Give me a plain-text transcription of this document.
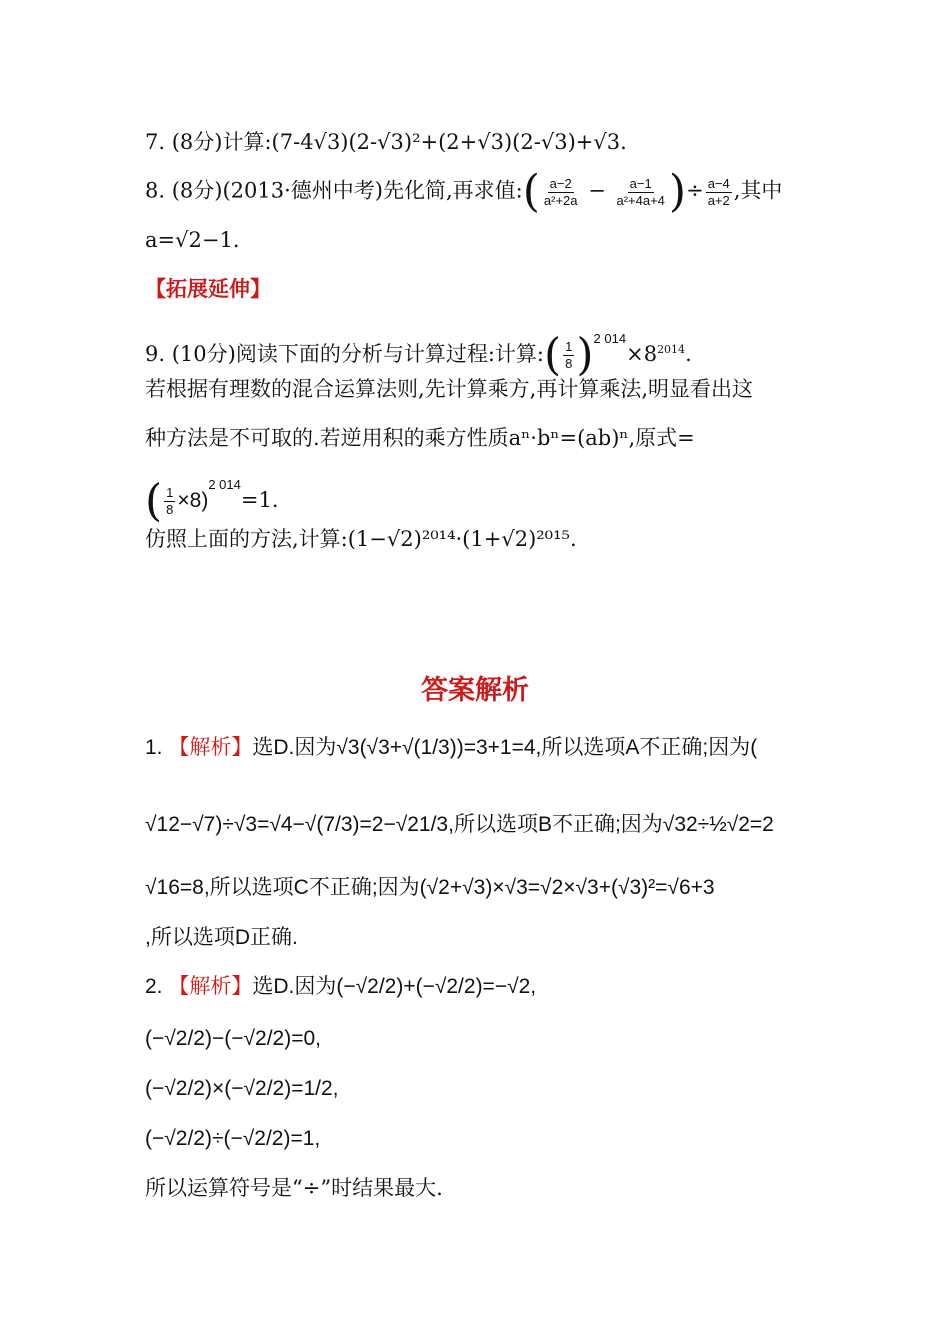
7. (8分)计算:(7-4√3)(2-√3)²+(2+√3)(2-√3)+√3.
8. (8分)(2013·德州中考)先化简,再求值:( $\frac{a-2}{\text{a²+2a}} - \frac{a-1}{\text{a²+4a+4}}$ )÷ $\frac{a-4}{a+2}$ ,其中
a=√2−1.
【拓展延伸】
9. (10分)阅读下面的分析与计算过程:计算:( $\frac{1}{8} )^{2 014}\times 8^{2014}$.
若根据有理数的混合运算法则,先计算乘方,再计算乘法,明显看出这
种方法是不可取的.若逆用积的乘方性质aⁿ·bⁿ=(ab)ⁿ,原式=
( $\frac{1}{8} \times 8)^{2 014}=1$.
仿照上面的方法,计算:(1−√2)²⁰¹⁴·(1+√2)²⁰¹⁵.
答案解析
1. 【解析】选D.因为√3(√3+√(1/3))=3+1=4,所以选项A不正确;因为(
√12−√7)÷√3=√4−√(7/3)=2−√21/3,所以选项B不正确;因为√32÷½√2=2
√16=8,所以选项C不正确;因为(√2+√3)×√3=√2×√3+(√3)²=√6+3
,所以选项D正确.
2. 【解析】选D.因为(−√2/2)+(−√2/2)=−√2,
(−√2/2)−(−√2/2)=0,
(−√2/2)×(−√2/2)=1/2,
(−√2/2)÷(−√2/2)=1,
所以运算符号是“÷”时结果最大.
